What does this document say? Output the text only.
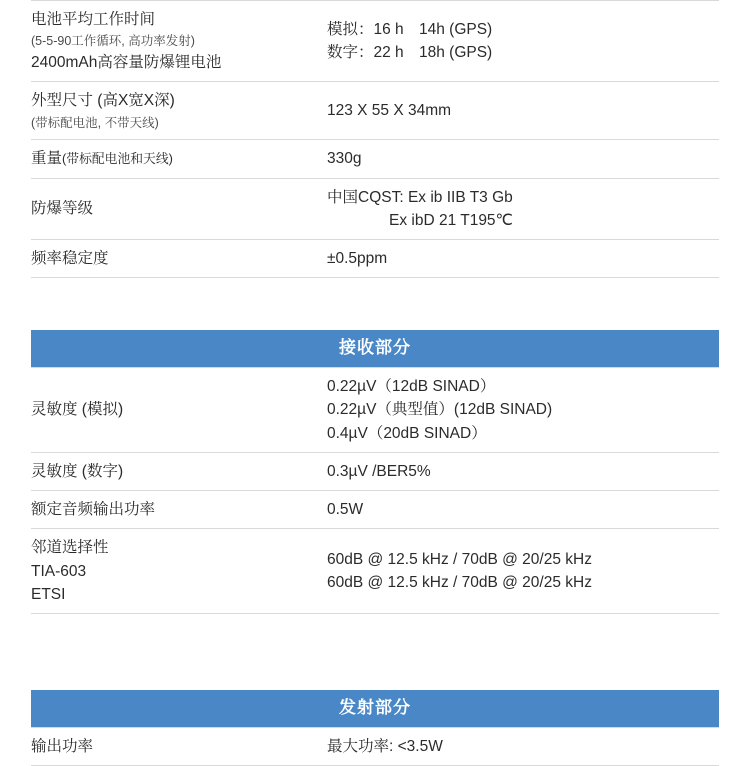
电池平均工作时间
(5-5-90工作循环, 高功率发射)
2400mAh高容量防爆锂电池	模拟：16 h 14h (GPS)
数字：22 h 18h (GPS)

外型尺寸 (高X宽X深)
(带标配电池, 不带天线)	123 X 55 X 34mm

重量(带标配电池和天线)	330g

防爆等级	中国CQST: Ex ib IIB T3 Gb
Ex ibD 21 T195℃

频率稳定度	±0.5ppm
接收部分
灵敏度 (模拟)	0.22µV（12dB SINAD）
0.22µV（典型值）(12dB SINAD)
0.4µV（20dB SINAD）

灵敏度 (数字)	0.3µV /BER5%

额定音频输出功率	0.5W

邻道选择性
TIA-603
ETSI	60dB @ 12.5 kHz / 70dB @ 20/25 kHz
60dB @ 12.5 kHz / 70dB @ 20/25 kHz
发射部分
输出功率	最大功率: <3.5W
